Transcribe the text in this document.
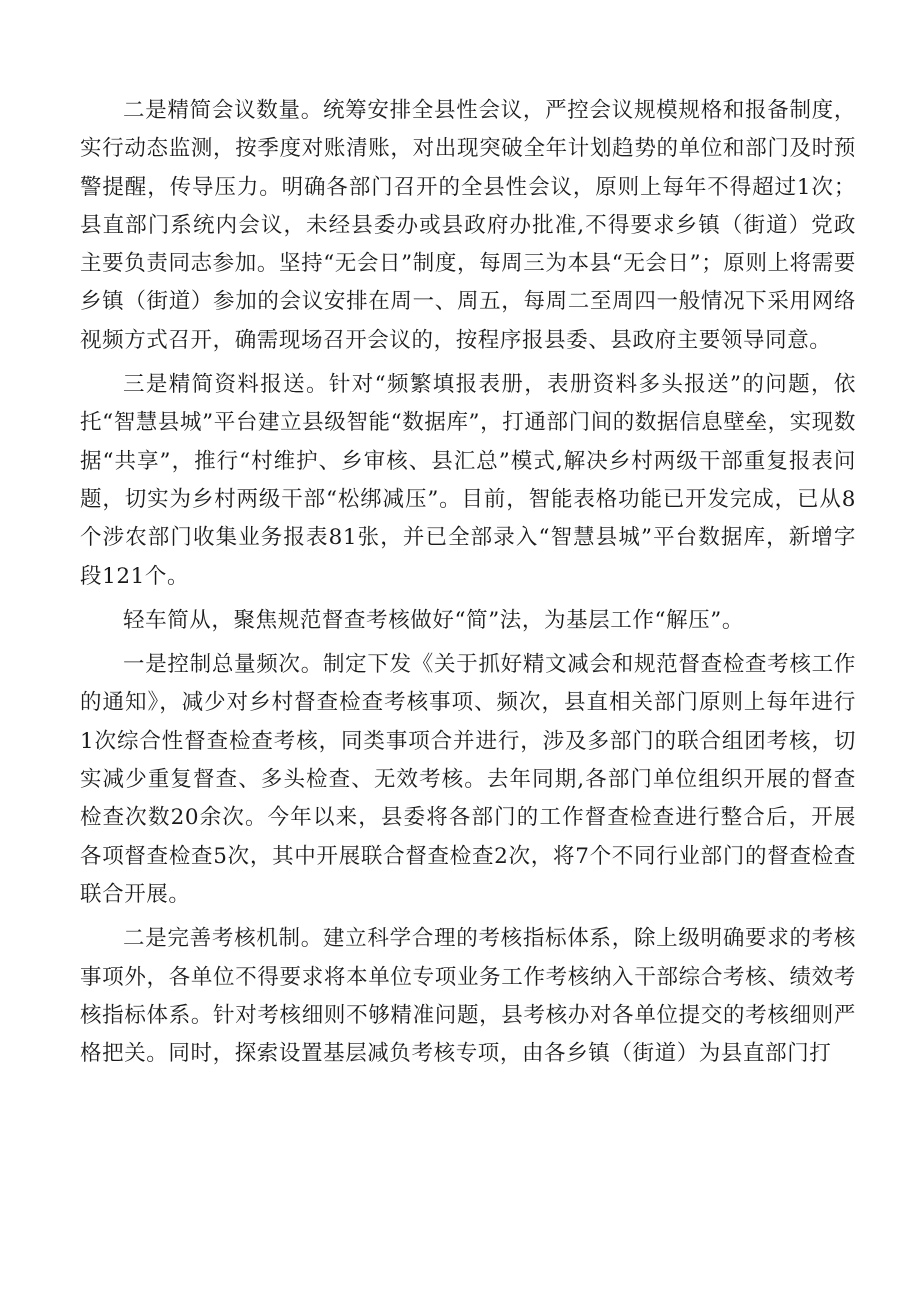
二是精简会议数量。统筹安排全县性会议，严控会议规模规格和报备制度，实行动态监测，按季度对账清账，对出现突破全年计划趋势的单位和部门及时预警提醒，传导压力。明确各部门召开的全县性会议，原则上每年不得超过1次；县直部门系统内会议，未经县委办或县政府办批准,不得要求乡镇（街道）党政主要负责同志参加。坚持“无会日”制度，每周三为本县“无会日”；原则上将需要乡镇（街道）参加的会议安排在周一、周五，每周二至周四一般情况下采用网络视频方式召开，确需现场召开会议的，按程序报县委、县政府主要领导同意。

三是精简资料报送。针对“频繁填报表册，表册资料多头报送”的问题，依托“智慧县城”平台建立县级智能“数据库”，打通部门间的数据信息壁垒，实现数据“共享”，推行“村维护、乡审核、县汇总”模式,解决乡村两级干部重复报表问题，切实为乡村两级干部“松绑减压”。目前，智能表格功能已开发完成，已从8个涉农部门收集业务报表81张，并已全部录入“智慧县城”平台数据库，新增字段121个。

轻车简从，聚焦规范督查考核做好“简”法，为基层工作“解压”。

一是控制总量频次。制定下发《关于抓好精文减会和规范督查检查考核工作的通知》，减少对乡村督查检查考核事项、频次，县直相关部门原则上每年进行1次综合性督查检查考核，同类事项合并进行，涉及多部门的联合组团考核，切实减少重复督查、多头检查、无效考核。去年同期,各部门单位组织开展的督查检查次数20余次。今年以来，县委将各部门的工作督查检查进行整合后，开展各项督查检查5次，其中开展联合督查检查2次，将7个不同行业部门的督查检查联合开展。

二是完善考核机制。建立科学合理的考核指标体系，除上级明确要求的考核事项外，各单位不得要求将本单位专项业务工作考核纳入干部综合考核、绩效考核指标体系。针对考核细则不够精准问题，县考核办对各单位提交的考核细则严格把关。同时，探索设置基层减负考核专项，由各乡镇（街道）为县直部门打
